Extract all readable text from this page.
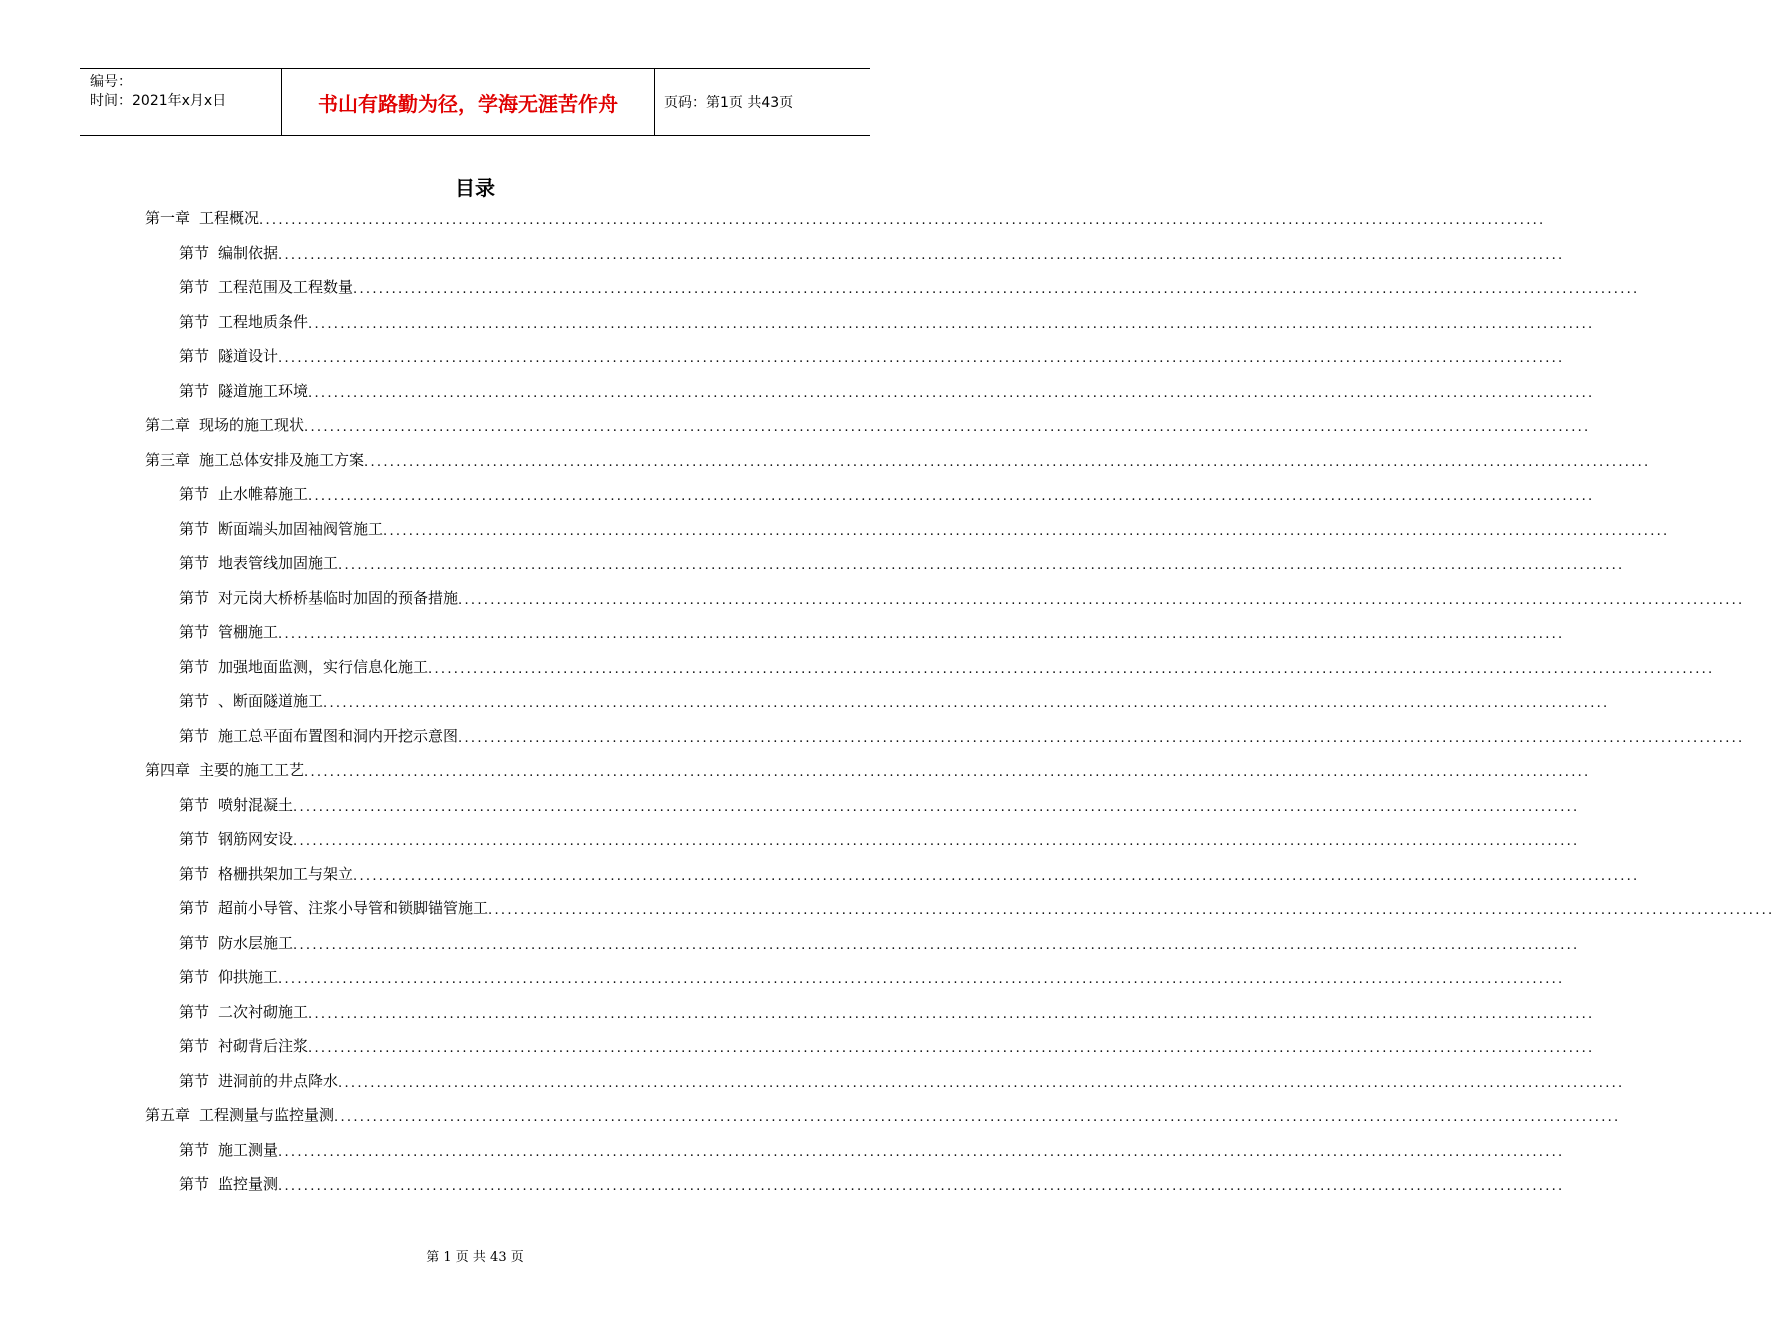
编号：
时间：2021年x月x日	书山有路勤为径，学海无涯苦作舟	页码：第1页 共43页
目录
第一章 工程概况 ........................................................................................................................................................................................................
第节 编制依据 ........................................................................................................................................................................................................
第节 工程范围及工程数量 ........................................................................................................................................................................................................
第节 工程地质条件 ........................................................................................................................................................................................................
第节 隧道设计 ........................................................................................................................................................................................................
第节 隧道施工环境 ........................................................................................................................................................................................................
第二章 现场的施工现状 ........................................................................................................................................................................................................
第三章 施工总体安排及施工方案 ........................................................................................................................................................................................................
第节 止水帷幕施工 ........................................................................................................................................................................................................
第节 断面端头加固袖阀管施工 ........................................................................................................................................................................................................
第节 地表管线加固施工 ........................................................................................................................................................................................................
第节 对元岗大桥桥基临时加固的预备措施 ........................................................................................................................................................................................................
第节 管棚施工 ........................................................................................................................................................................................................
第节 加强地面监测，实行信息化施工 ........................................................................................................................................................................................................
第节 、断面隧道施工 ........................................................................................................................................................................................................
第节 施工总平面布置图和洞内开挖示意图 ........................................................................................................................................................................................................
第四章 主要的施工工艺 ........................................................................................................................................................................................................
第节 喷射混凝土 ........................................................................................................................................................................................................
第节 钢筋网安设 ........................................................................................................................................................................................................
第节 格栅拱架加工与架立 ........................................................................................................................................................................................................
第节 超前小导管、注浆小导管和锁脚锚管施工 ........................................................................................................................................................................................................
第节 防水层施工 ........................................................................................................................................................................................................
第节 仰拱施工 ........................................................................................................................................................................................................
第节 二次衬砌施工 ........................................................................................................................................................................................................
第节 衬砌背后注浆 ........................................................................................................................................................................................................
第节 进洞前的井点降水 ........................................................................................................................................................................................................
第五章 工程测量与监控量测 ........................................................................................................................................................................................................
第节 施工测量 ........................................................................................................................................................................................................
第节 监控量测 ........................................................................................................................................................................................................
第 1 页 共 43 页
